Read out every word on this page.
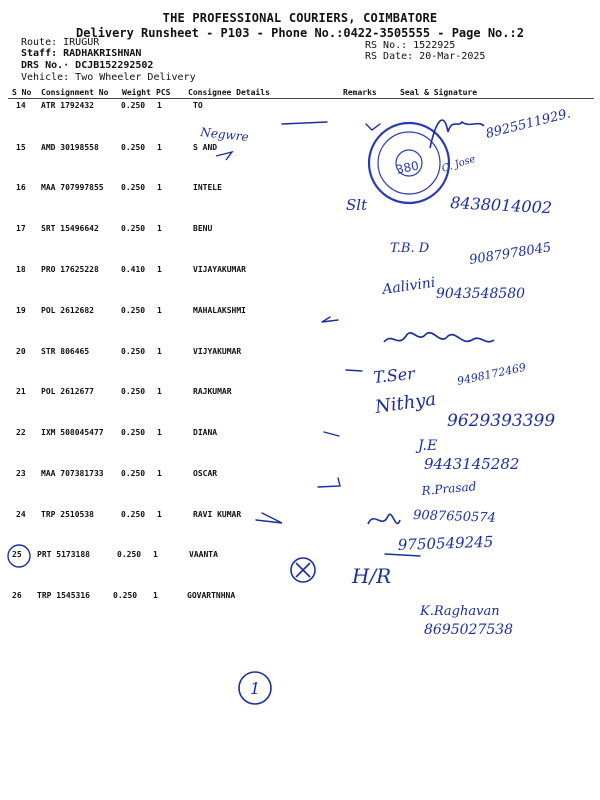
THE PROFESSIONAL COURIERS, COIMBATORE
Delivery Runsheet - P103 - Phone No.:0422-3505555 - Page No.:2
Route: IRUGUR
Staff: RADHAKRISHNAN
DRS No.· DCJB152292502
Vehicle: Two Wheeler Delivery
RS No.: 1522925
RS Date: 20-Mar-2025
S No Consignment No Weight PCS Consignee Details	Remarks	Seal & Signature
14 ATR 1792432	0.250 1	TO
15 AMD 30198558	0.250 1	S AND
16 MAA 707997855 0.250 1	INTELE
17 SRT 15496642	0.250 1	BENU
18 PRO 17625228	0.410 1	VIJAYAKUMAR
19 POL 2612682	0.250 1	MAHALAKSHMI
20 STR 806465	0.250 1	VIJYAKUMAR
21 POL 2612677	0.250 1	RAJKUMAR
22 IXM 508045477 0.250 1	DIANA
23 MAA 707381733 0.250 1	OSCAR
24 TRP 2510538	0.250 1	RAVI KUMAR
25 PRT 5173188	0.250 1	VAANTA
26 TRP 1545316	0.250 1	GOVARTNHNA
380
Negwre	8925511929.
C. Jose
Slt	8438014002
T.B. D	9087978045
Aalivini 9043548580
T.Ser	9498172469
Nithya
9629393399
J.E
9443145282
R.Prasad
9087650574
9750549245
H/R
K.Raghavan
8695027538
1
